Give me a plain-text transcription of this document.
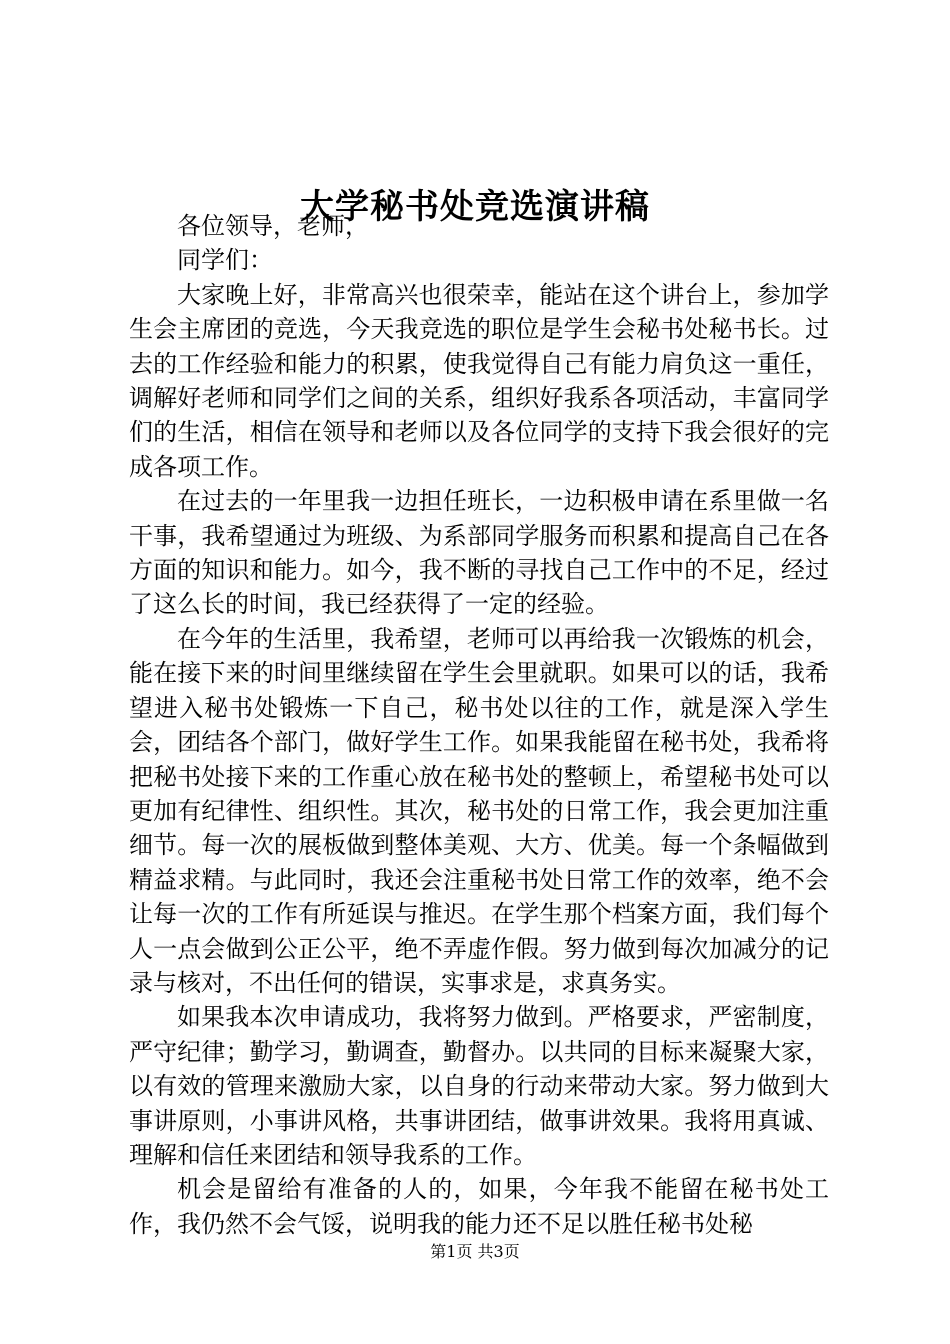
大学秘书处竞选演讲稿

各位领导，老师，

同学们：

大家晚上好，非常高兴也很荣幸，能站在这个讲台上，参加学生会主席团的竞选，今天我竞选的职位是学生会秘书处秘书长。过去的工作经验和能力的积累，使我觉得自己有能力肩负这一重任，调解好老师和同学们之间的关系，组织好我系各项活动，丰富同学们的生活，相信在领导和老师以及各位同学的支持下我会很好的完成各项工作。

在过去的一年里我一边担任班长，一边积极申请在系里做一名干事，我希望通过为班级、为系部同学服务而积累和提高自己在各方面的知识和能力。如今，我不断的寻找自己工作中的不足，经过了这么长的时间，我已经获得了一定的经验。

在今年的生活里，我希望，老师可以再给我一次锻炼的机会，能在接下来的时间里继续留在学生会里就职。如果可以的话，我希望进入秘书处锻炼一下自己，秘书处以往的工作，就是深入学生会，团结各个部门，做好学生工作。如果我能留在秘书处，我希将把秘书处接下来的工作重心放在秘书处的整顿上，希望秘书处可以更加有纪律性、组织性。其次，秘书处的日常工作，我会更加注重细节。每一次的展板做到整体美观、大方、优美。每一个条幅做到精益求精。与此同时，我还会注重秘书处日常工作的效率，绝不会让每一次的工作有所延误与推迟。在学生那个档案方面，我们每个人一点会做到公正公平，绝不弄虚作假。努力做到每次加减分的记录与核对，不出任何的错误，实事求是，求真务实。

如果我本次申请成功，我将努力做到。严格要求，严密制度，严守纪律；勤学习，勤调查，勤督办。以共同的目标来凝聚大家，以有效的管理来激励大家，以自身的行动来带动大家。努力做到大事讲原则，小事讲风格，共事讲团结，做事讲效果。我将用真诚、理解和信任来团结和领导我系的工作。

机会是留给有准备的人的，如果，今年我不能留在秘书处工作，我仍然不会气馁，说明我的能力还不足以胜任秘书处秘

第1页 共3页
